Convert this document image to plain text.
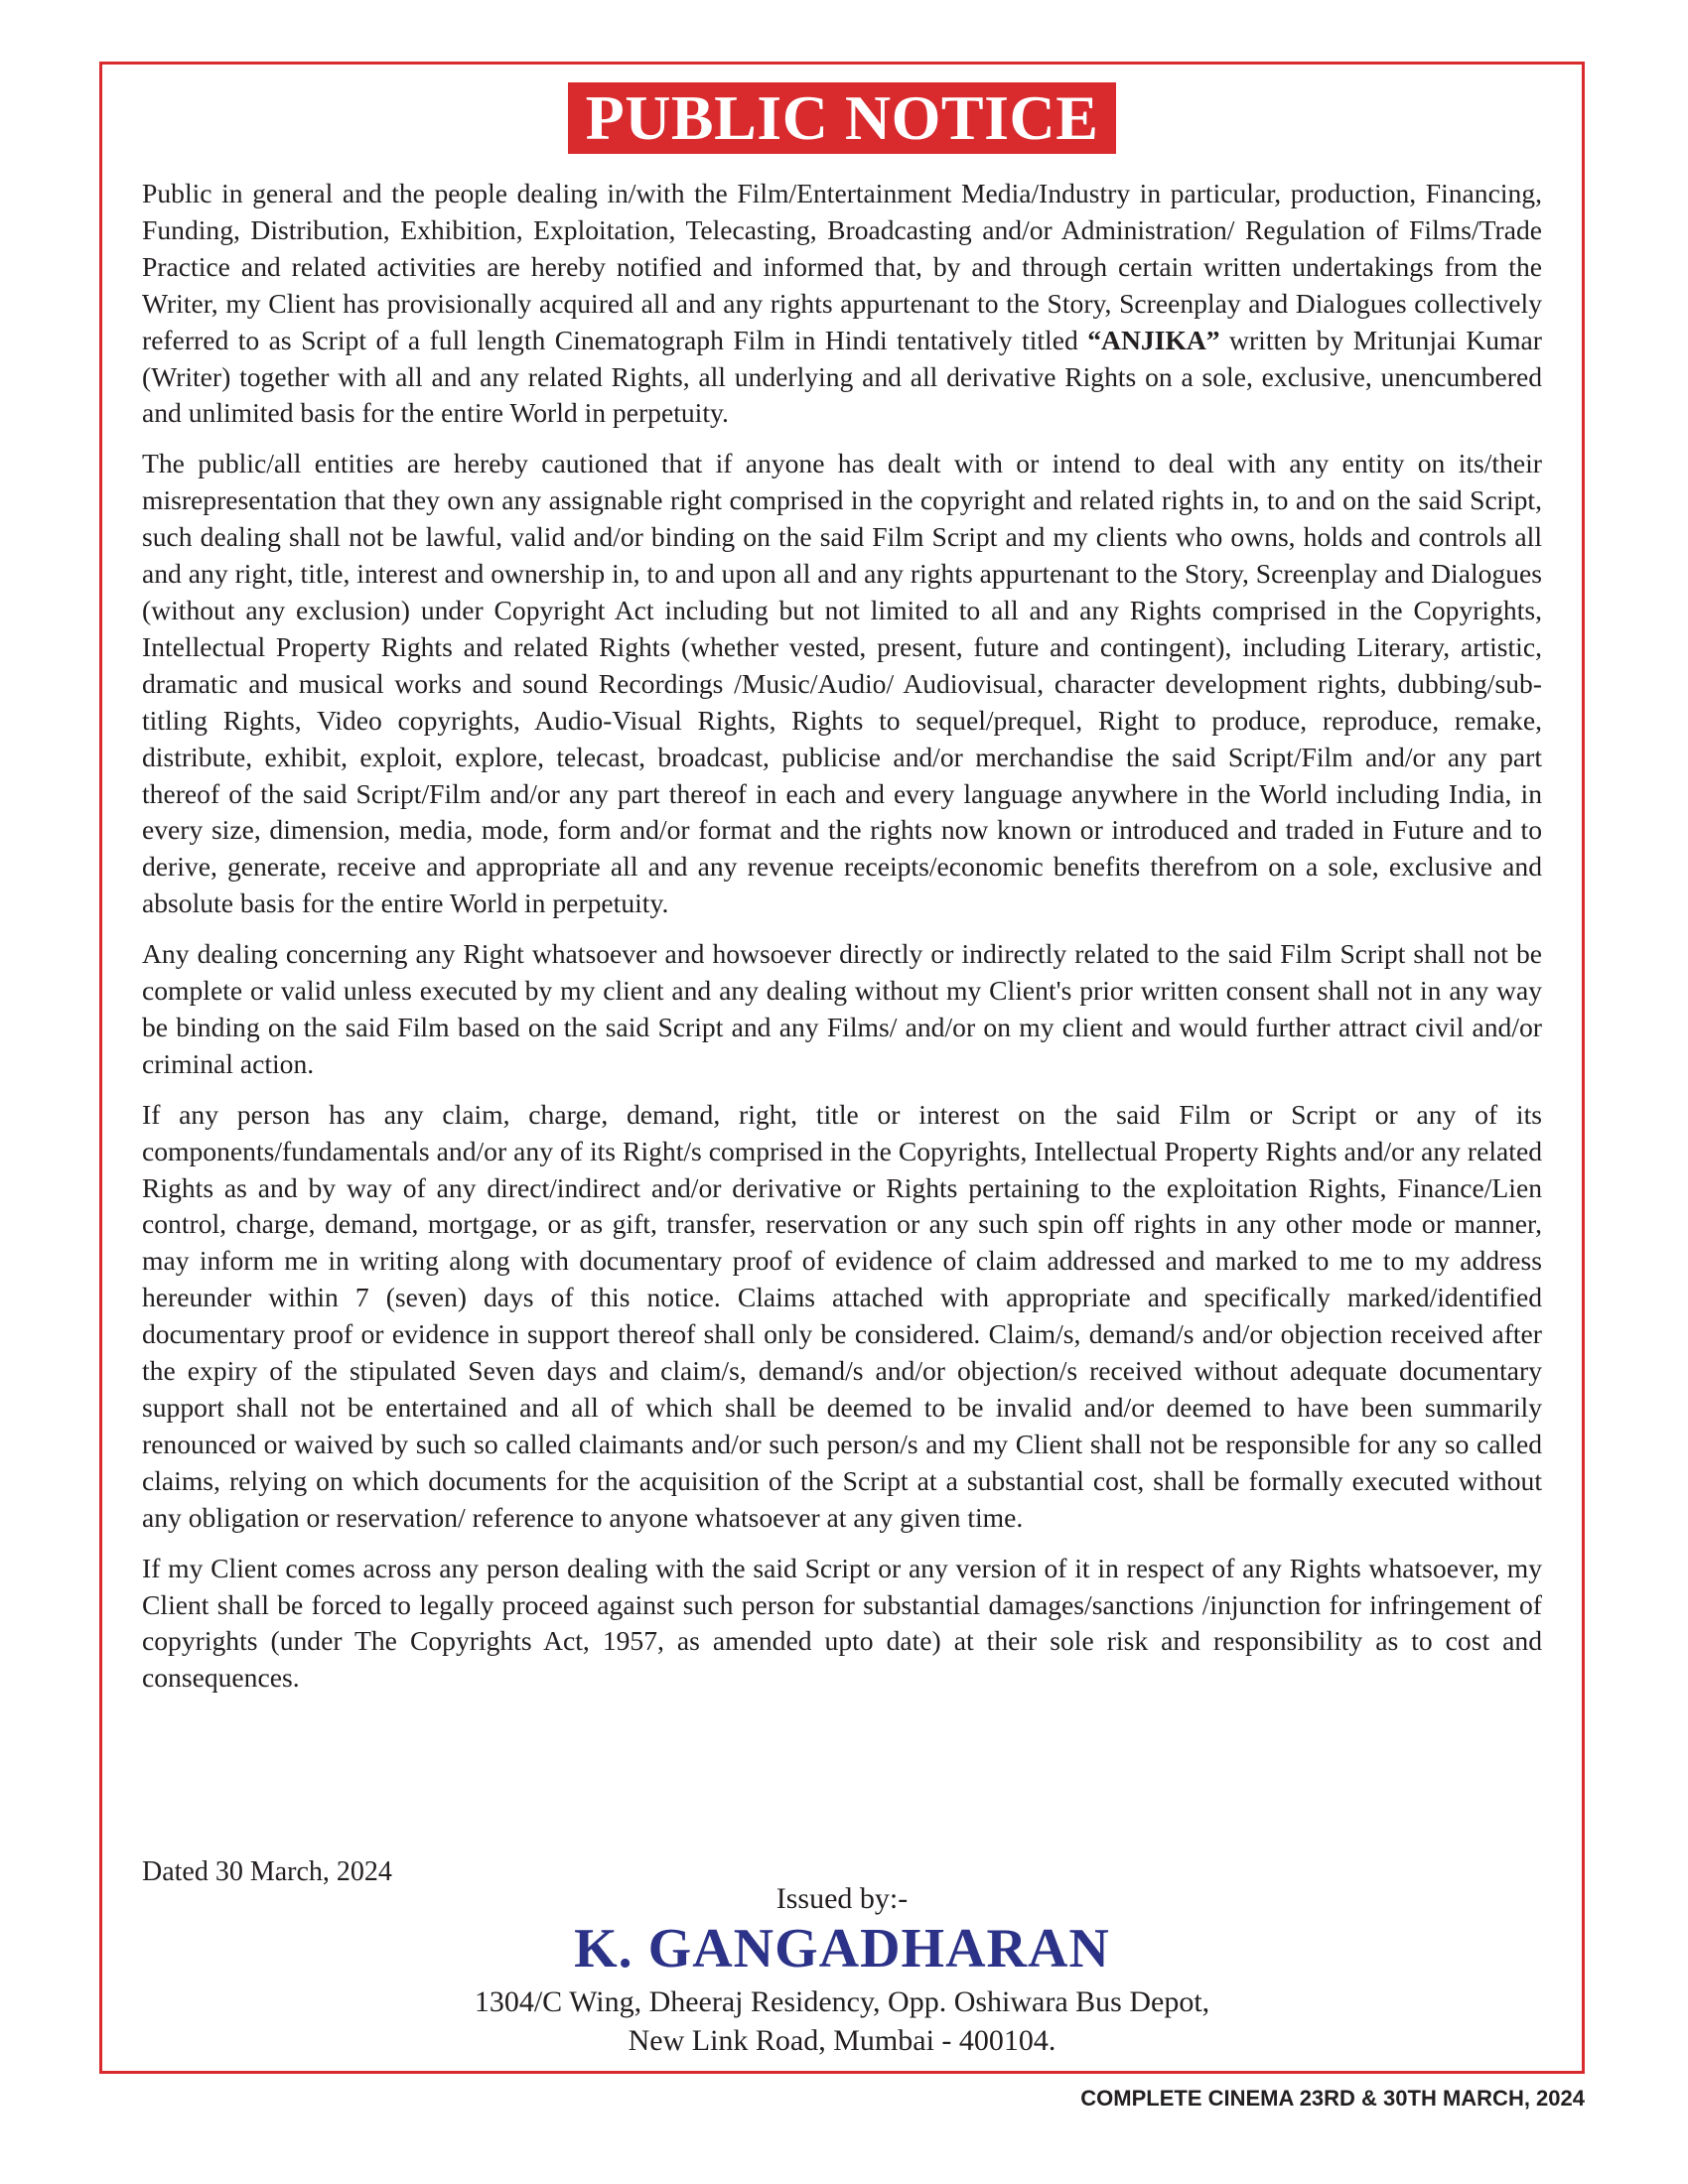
PUBLIC NOTICE

Public in general and the people dealing in/with the Film/Entertainment Media/Industry in particular, production, Financing, Funding, Distribution, Exhibition, Exploitation, Telecasting, Broadcasting and/or Administration/ Regulation of Films/Trade Practice and related activities are hereby notified and informed that, by and through certain written undertakings from the Writer, my Client has provisionally acquired all and any rights appurtenant to the Story, Screenplay and Dialogues collectively referred to as Script of a full length Cinematograph Film in Hindi tentatively titled “ANJIKA” written by Mritunjai Kumar (Writer) together with all and any related Rights, all underlying and all derivative Rights on a sole, exclusive, unencumbered and unlimited basis for the entire World in perpetuity.

The public/all entities are hereby cautioned that if anyone has dealt with or intend to deal with any entity on its/their misrepresentation that they own any assignable right comprised in the copyright and related rights in, to and on the said Script, such dealing shall not be lawful, valid and/or binding on the said Film Script and my clients who owns, holds and controls all and any right, title, interest and ownership in, to and upon all and any rights appurtenant to the Story, Screenplay and Dialogues (without any exclusion) under Copyright Act including but not limited to all and any Rights comprised in the Copyrights, Intellectual Property Rights and related Rights (whether vested, present, future and contingent), including Literary, artistic, dramatic and musical works and sound Recordings /Music/Audio/ Audiovisual, character development rights, dubbing/sub-titling Rights, Video copyrights, Audio-Visual Rights, Rights to sequel/prequel, Right to produce, reproduce, remake, distribute, exhibit, exploit, explore, telecast, broadcast, publicise and/or merchandise the said Script/Film and/or any part thereof of the said Script/Film and/or any part thereof in each and every language anywhere in the World including India, in every size, dimension, media, mode, form and/or format and the rights now known or introduced and traded in Future and to derive, generate, receive and appropriate all and any revenue receipts/economic benefits therefrom on a sole, exclusive and absolute basis for the entire World in perpetuity.

Any dealing concerning any Right whatsoever and howsoever directly or indirectly related to the said Film Script shall not be complete or valid unless executed by my client and any dealing without my Client's prior written consent shall not in any way be binding on the said Film based on the said Script and any Films/ and/or on my client and would further attract civil and/or criminal action.

If any person has any claim, charge, demand, right, title or interest on the said Film or Script or any of its components/fundamentals and/or any of its Right/s comprised in the Copyrights, Intellectual Property Rights and/or any related Rights as and by way of any direct/indirect and/or derivative or Rights pertaining to the exploitation Rights, Finance/Lien control, charge, demand, mortgage, or as gift, transfer, reservation or any such spin off rights in any other mode or manner, may inform me in writing along with documentary proof of evidence of claim addressed and marked to me to my address hereunder within 7 (seven) days of this notice. Claims attached with appropriate and specifically marked/identified documentary proof or evidence in support thereof shall only be considered. Claim/s, demand/s and/or objection received after the expiry of the stipulated Seven days and claim/s, demand/s and/or objection/s received without adequate documentary support shall not be entertained and all of which shall be deemed to be invalid and/or deemed to have been summarily renounced or waived by such so called claimants and/or such person/s and my Client shall not be responsible for any so called claims, relying on which documents for the acquisition of the Script at a substantial cost, shall be formally executed without any obligation or reservation/ reference to anyone whatsoever at any given time.

If my Client comes across any person dealing with the said Script or any version of it in respect of any Rights whatsoever, my Client shall be forced to legally proceed against such person for substantial damages/sanctions /injunction for infringement of copyrights (under The Copyrights Act, 1957, as amended upto date) at their sole risk and responsibility as to cost and consequences.

Dated 30 March, 2024
Issued by:-
K. GANGADHARAN
1304/C Wing, Dheeraj Residency, Opp. Oshiwara Bus Depot,
New Link Road, Mumbai - 400104.
COMPLETE CINEMA 23RD & 30TH MARCH, 2024
